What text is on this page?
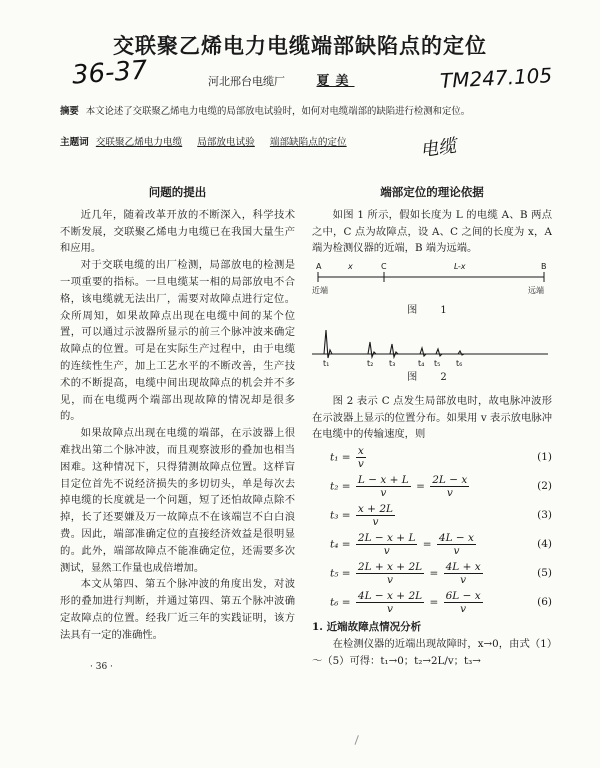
交联聚乙烯电力电缆端部缺陷点的定位
36-37	TM247.105
电缆
河北邢台电缆厂 夏美
摘要 本文论述了交联聚乙烯电力电缆的局部放电试验时，如何对电缆端部的缺陷进行检测和定位。
主题词 交联聚乙烯电力电缆 局部放电试验 端部缺陷点的定位
问题的提出

近几年，随着改革开放的不断深入，科学技术不断发展，交联聚乙烯电力电缆已在我国大量生产和应用。

对于交联电缆的出厂检测，局部放电的检测是一项重要的指标。一旦电缆某一相的局部放电不合格，该电缆就无法出厂，需要对故障点进行定位。众所周知，如果故障点出现在电缆中间的某个位置，可以通过示波器所显示的前三个脉冲波来确定故障点的位置。可是在实际生产过程中，由于电缆的连续性生产，加上工艺水平的不断改善，生产技术的不断提高，电缆中间出现故障点的机会并不多见，而在电缆两个端部出现故障的情况却是很多的。

如果故障点出现在电缆的端部，在示波器上很难找出第二个脉冲波，而且观察波形的叠加也相当困难。这种情况下，只得猜测故障点位置。这样盲目定位首先不说经济损失的多切切头，单是每次去掉电缆的长度就是一个问题，短了还怕故障点除不掉，长了还要嫌及万一故障点不在该端岂不白白浪费。因此，端部准确定位的直接经济效益是很明显的。此外，端部故障点不能准确定位，还需要多次测试，显然工作量也成倍增加。

本文从第四、第五个脉冲波的角度出发，对波形的叠加进行判断，并通过第四、第五个脉冲波确定故障点的位置。经我厂近三年的实践证明，该方法具有一定的准确性。

· 36 ·
端部定位的理论依据

如图 1 所示，假如长度为 L 的电缆 A、B 两点之中，C 点为故障点，设 A、C 之间的长度为 x，A 端为检测仪器的近端，B 端为远端。

A	B
C
x	L-x
近端	远端
图 1
t₁	t₂ t₃	t₄ t₅ t₆
图 2

图 2 表示 C 点发生局部放电时，故电脉冲波形在示波器上显示的位置分布。如果用 v 表示放电脉冲在电缆中的传输速度，则

$t_1 = \frac{x}{v}$	(1)
$t_2 = \frac{L - x + L}{v} = \frac{2L - x}{v}$	(2)
$t_3 = \frac{x + 2L}{v}$	(3)
$t_4 = \frac{2L - x + L}{v} = \frac{4L - x}{v}$	(4)
$t_5 = \frac{2L + x + 2L}{v} = \frac{4L + x}{v}$	(5)
$t_6 = \frac{4L - x + 2L}{v} = \frac{6L - x}{v}$	(6)
1. 近端故障点情况分析

在检测仪器的近端出现故障时，x→0，由式（1）～（5）可得：t₁→0；t₂→2L/v；t₃→
